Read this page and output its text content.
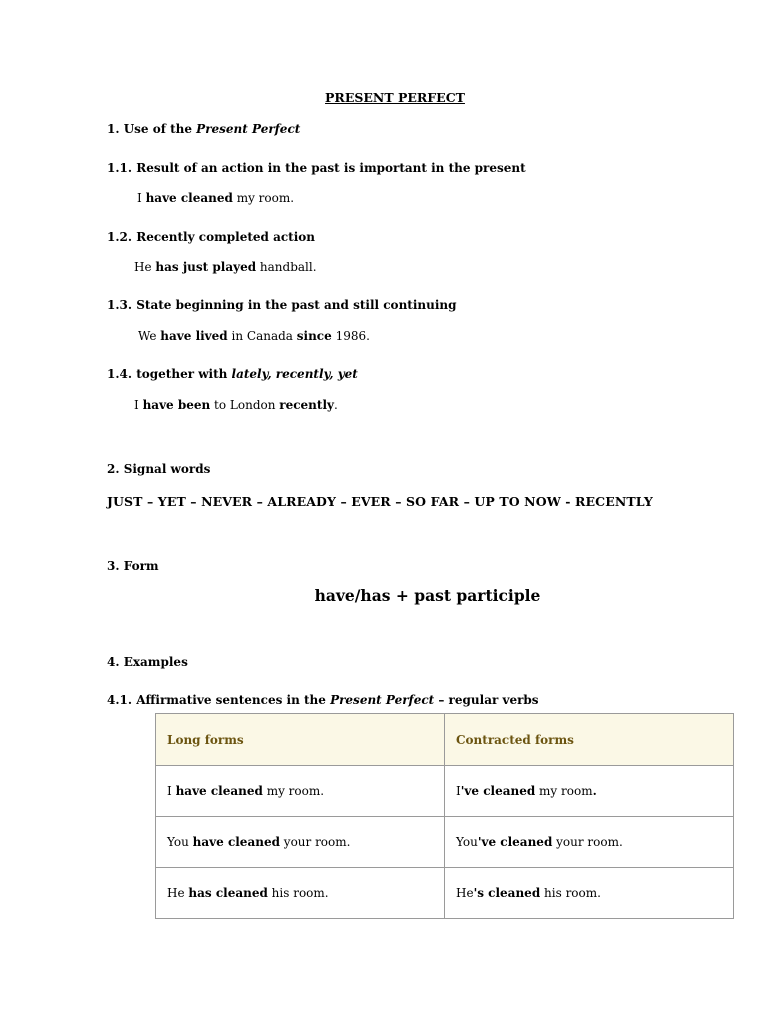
PRESENT PERFECT
1. Use of the Present Perfect
1.1. Result of an action in the past is important in the present
I have cleaned my room.
1.2. Recently completed action
He has just played handball.
1.3. State beginning in the past and still continuing
We have lived in Canada since 1986.
1.4. together with lately, recently, yet
I have been to London recently.
2. Signal words
JUST – YET – NEVER – ALREADY – EVER – SO FAR – UP TO NOW - RECENTLY
3. Form
have/has + past participle
4. Examples
4.1. Affirmative sentences in the Present Perfect – regular verbs
Long forms	Contracted forms
I have cleaned my room.	I've cleaned my room.
You have cleaned your room.	You've cleaned your room.
He has cleaned his room.	He's cleaned his room.
